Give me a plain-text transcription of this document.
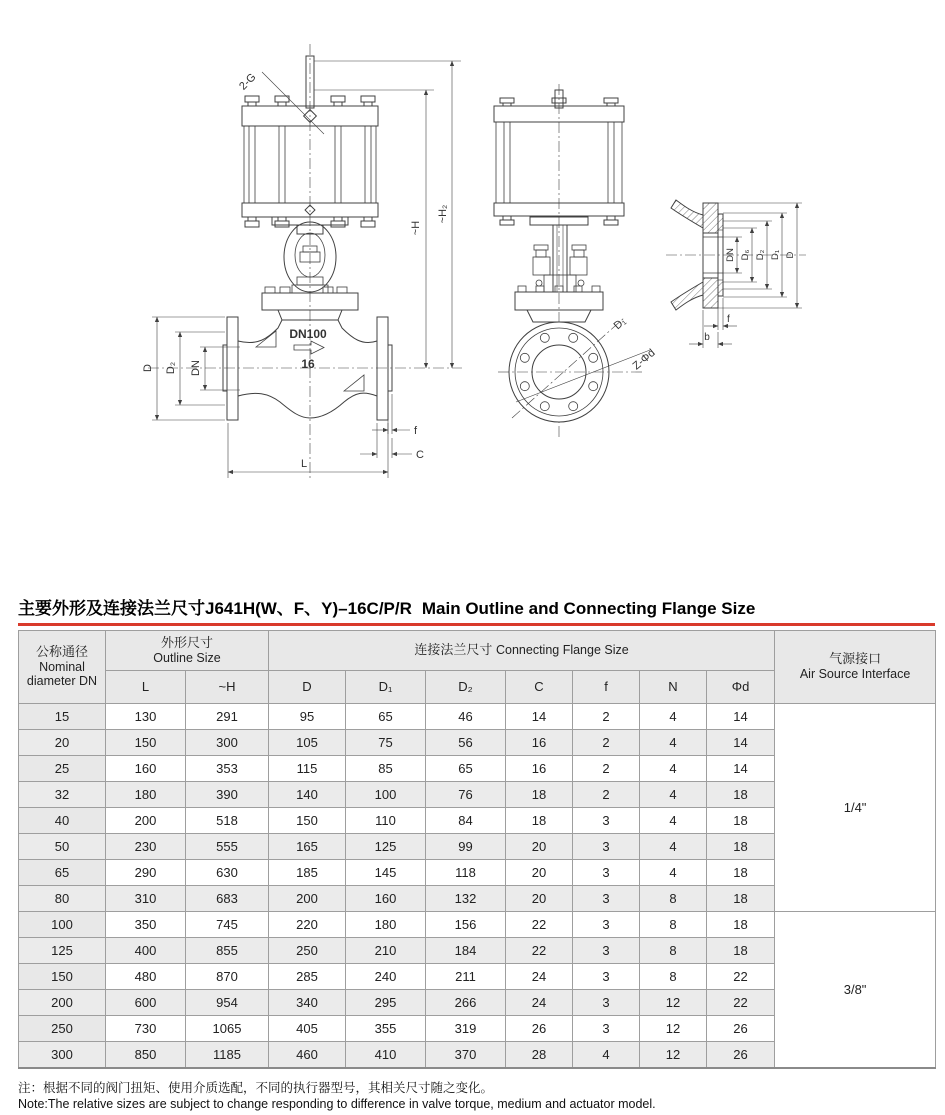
2-G
~H
~H₂
D D₂ DN
DN100
16
f
C
L
D₁
Z-Φd
DN D₆ D₂ D₁ D
f
b
主要外形及连接法兰尺寸J641H(W、F、Y)–16C/P/R Main Outline and Connecting Flange Size
公称通径
Nominal diameter DN

外形尺寸
Outline Size
	连接法兰尺寸 Connecting Flange Size	
气源接口
Air Source Interface

	L	~H	D	D₁	D₂	C	f	N	Φd	
15	130	291	95	65	46	14	2	4	14	1/4"
20	150	300	105	75	56	16	2	4	14	
25	160	353	115	85	65	16	2	4	14	
32	180	390	140	100	76	18	2	4	18	
40	200	518	150	110	84	18	3	4	18	
50	230	555	165	125	99	20	3	4	18	
65	290	630	185	145	118	20	3	4	18	
80	310	683	200	160	132	20	3	8	18	
100	350	745	220	180	156	22	3	8	18	3/8"
125	400	855	250	210	184	22	3	8	18	
150	480	870	285	240	211	24	3	8	22	
200	600	954	340	295	266	24	3	12	22	
250	730	1065	405	355	319	26	3	12	26	
300	850	1185	460	410	370	28	4	12	26	
注：根据不同的阀门扭矩、使用介质选配，不同的执行器型号，其相关尺寸随之变化。
Note:The relative sizes are subject to change responding to difference in valve torque, medium and actuator model.
